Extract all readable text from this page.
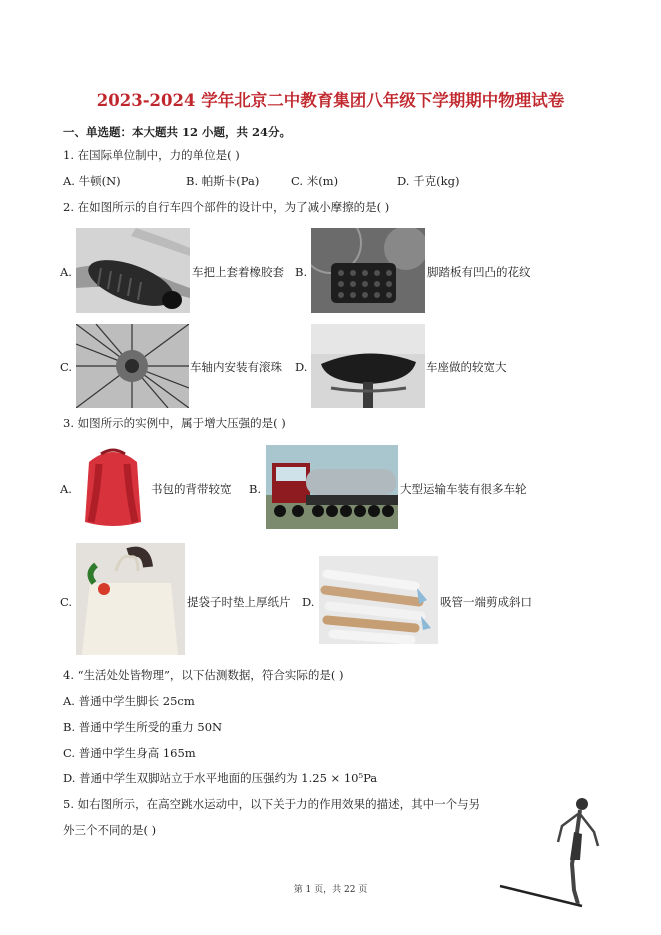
2023-2024 学年北京二中教育集团八年级下学期期中物理试卷
一、单选题：本大题共 12 小题，共 24分。
1. 在国际单位制中，力的单位是( )
A. 牛顿(N)	B. 帕斯卡(Pa)	C. 米(m)	D. 千克(kg)
2. 在如图所示的自行车四个部件的设计中，为了减小摩擦的是( )
A.	车把上套着橡胶套 B.	脚踏板有凹凸的花纹
C.	车轴内安装有滚珠 D.	车座做的较宽大
3. 如图所示的实例中，属于增大压强的是( )
A.	书包的背带较宽 B.	大型运输车装有很多车轮
C.	提袋子时垫上厚纸片 D.	吸管一端剪成斜口
4. “生活处处皆物理”，以下估测数据，符合实际的是( )
A. 普通中学生脚长 25cm
B. 普通中学生所受的重力 50N
C. 普通中学生身高 165m
D. 普通中学生双脚站立于水平地面的压强约为 1.25 × 10⁵Pa
5. 如右图所示，在高空跳水运动中，以下关于力的作用效果的描述，其中一个与另
外三个不同的是( )
第 1 页，共 22 页
